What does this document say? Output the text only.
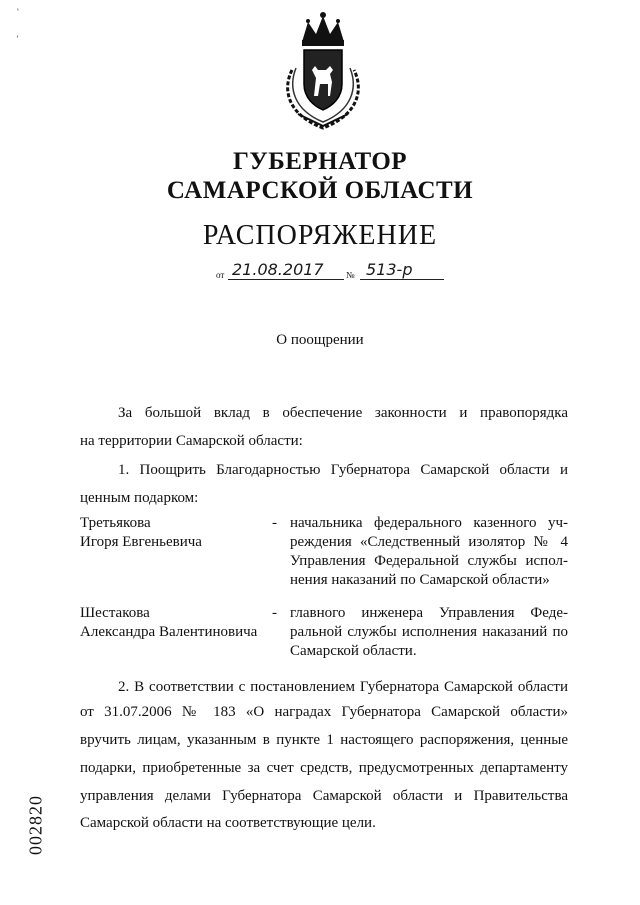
‘
’
ГУБЕРНАТОР
САМАРСКОЙ ОБЛАСТИ
РАСПОРЯЖЕНИЕ
от 21.08.2017 № 513-р
О поощрении
За большой вклад в обеспечение законности и правопорядка
на территории Самарской области:
1. Поощрить Благодарностью Губернатора Самарской области и
ценным подарком:
Третьякова
Игоря Евгеньевича
- начальника федерального казенного уч-
реждения «Следственный изолятор № 4
Управления Федеральной службы испол-
нения наказаний по Самарской области»
Шестакова
Александра Валентиновича
- главного инженера Управления Феде-
ральной службы исполнения наказаний по
Самарской области.
2. В соответствии с постановлением Губернатора Самарской области
от 31.07.2006 № 183 «О наградах Губернатора Самарской области»
вручить лицам, указанным в пункте 1 настоящего распоряжения, ценные
подарки, приобретенные за счет средств, предусмотренных департаменту
управления делами Губернатора Самарской области и Правительства
Самарской области на соответствующие цели.
002820
